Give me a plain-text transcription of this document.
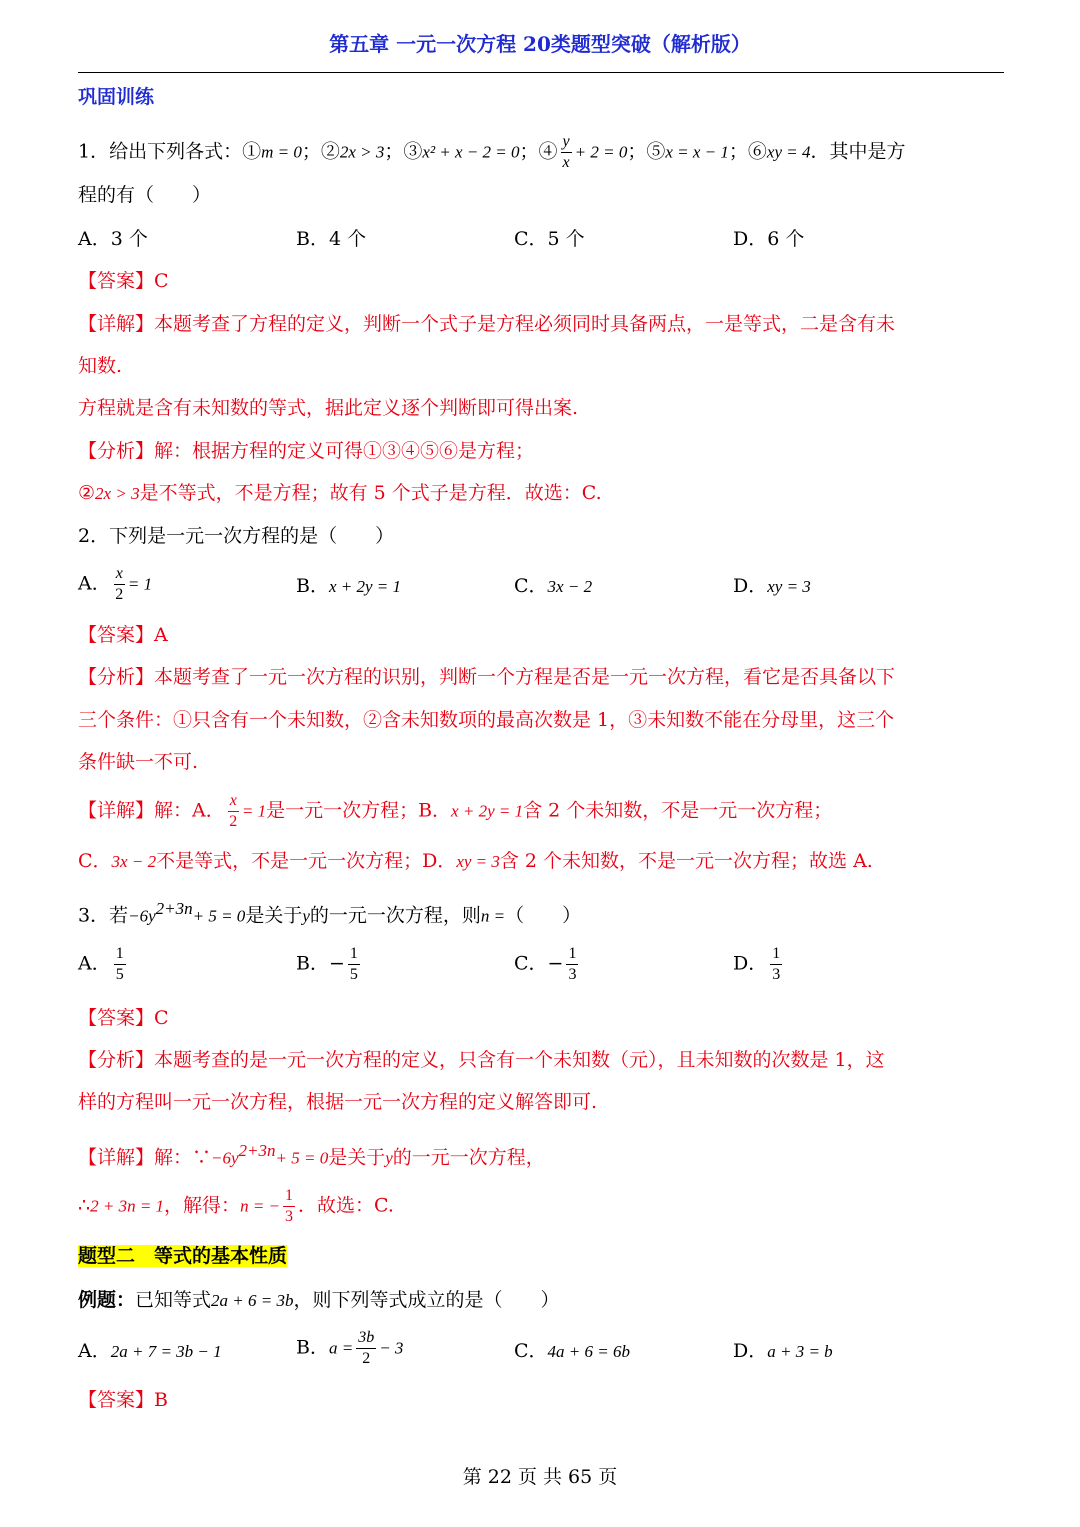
第五章 一元一次方程 20类题型突破（解析版）
巩固训练
1．给出下列各式：①m = 0；②2x > 3；③x² + x − 2 = 0；④ $\frac{y}{x} + 2 = 0$；⑤x = x − 1；⑥xy = 4．其中是方
程的有（　　）
A．3 个	B．4 个	C．5 个	D．6 个
【答案】C
【详解】本题考查了方程的定义，判断一个式子是方程必须同时具备两点，一是等式，二是含有未
知数.
方程就是含有未知数的等式，据此定义逐个判断即可得出案.
【分析】解：根据方程的定义可得①③④⑤⑥是方程；
②2x > 3是不等式，不是方程；故有 5 个式子是方程．故选：C.
2．下列是一元一次方程的是（　　）
A． $\frac{x}{2} = 1$	B．x + 2y = 1	C．3x − 2	D．xy = 3
【答案】A
【分析】本题考查了一元一次方程的识别，判断一个方程是否是一元一次方程，看它是否具备以下
三个条件：①只含有一个未知数，②含未知数项的最高次数是 1，③未知数不能在分母里，这三个
条件缺一不可.
【详解】解：A． $\frac{x}{2} = 1$是一元一次方程；B．x + 2y = 1含 2 个未知数，不是一元一次方程；
C．3x − 2不是等式，不是一元一次方程；D．xy = 3含 2 个未知数，不是一元一次方程；故选 A.
3．若$-6y^{2+3n}+ 5 = 0$是关于y的一元一次方程，则n =（　　）
A． $\frac{1}{5}$	B．− $\frac{1}{5}$	C．− $\frac{1}{3}$	D． $\frac{1}{3}$
【答案】C
【分析】本题考查的是一元一次方程的定义，只含有一个未知数（元），且未知数的次数是 1，这
样的方程叫一元一次方程，根据一元一次方程的定义解答即可.
【详解】解：$\because-6y^{2+3n}+ 5 = 0$是关于y的一元一次方程，
∴2 + 3n = 1，解得：n = − $\frac{1}{3}$ ．故选：C.
题型二　等式的基本性质
例题：已知等式2a + 6 = 3b，则下列等式成立的是（　　）
A．2a + 7 = 3b − 1	B．$a = \frac{3b}{2} - 3$	C．4a + 6 = 6b	D．a + 3 = b
【答案】B
第 22 页 共 65 页
